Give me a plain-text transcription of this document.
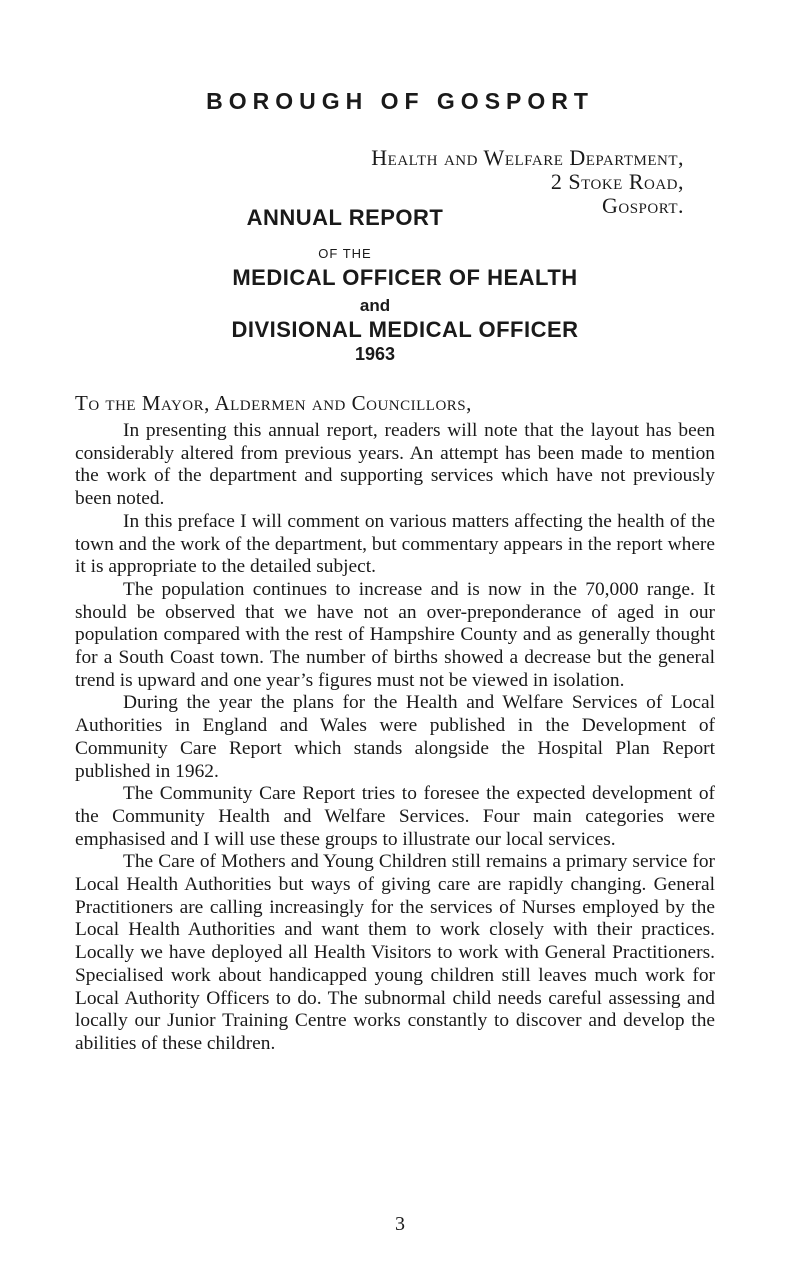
BOROUGH OF GOSPORT
Health and Welfare Department,
2 Stoke Road,
Gosport.
ANNUAL REPORT
OF THE
MEDICAL OFFICER OF HEALTH
and
DIVISIONAL MEDICAL OFFICER
1963
To the Mayor, Aldermen and Councillors,

In presenting this annual report, readers will note that the layout has been considerably altered from previous years. An attempt has been made to mention the work of the department and supporting services which have not previously been noted.

In this preface I will comment on various matters affecting the health of the town and the work of the department, but commentary appears in the report where it is appropriate to the detailed subject.

The population continues to increase and is now in the 70,000 range. It should be observed that we have not an over-preponderance of aged in our population compared with the rest of Hampshire County and as generally thought for a South Coast town. The number of births showed a decrease but the general trend is upward and one year’s figures must not be viewed in isolation.

During the year the plans for the Health and Welfare Services of Local Authorities in England and Wales were published in the Development of Community Care Report which stands alongside the Hospital Plan Report published in 1962.

The Community Care Report tries to foresee the expected development of the Community Health and Welfare Services. Four main categories were emphasised and I will use these groups to illustrate our local services.

The Care of Mothers and Young Children still remains a primary service for Local Health Authorities but ways of giving care are rapidly changing. General Practitioners are calling increasingly for the services of Nurses employed by the Local Health Authorities and want them to work closely with their practices. Locally we have deployed all Health Visitors to work with General Practitioners. Specialised work about handicapped young children still leaves much work for Local Authority Officers to do. The subnormal child needs careful assessing and locally our Junior Training Centre works constantly to discover and develop the abilities of these children.

3
